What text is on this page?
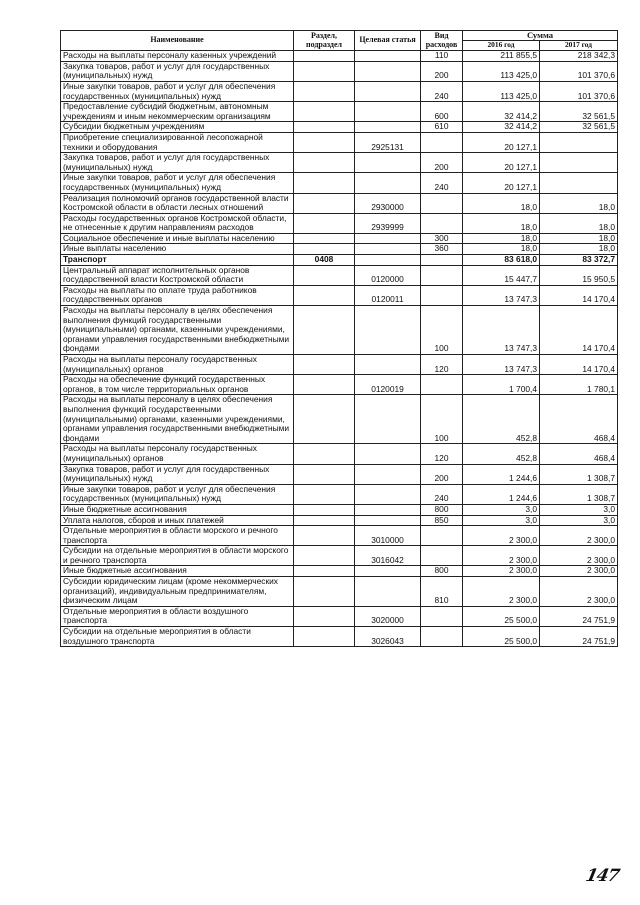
Наименование	Раздел, подраздел	Целевая статья	Вид расходов	Сумма	
				2016 год	2017 год
Расходы на выплаты персоналу казенных учреждений			110	211 855,5	218 342,3
Закупка товаров, работ и услуг для государственных (муниципальных) нужд			200	113 425,0	101 370,6
Иные закупки товаров, работ и услуг для обеспечения государственных (муниципальных) нужд			240	113 425,0	101 370,6
Предоставление субсидий бюджетным, автономным учреждениям и иным некоммерческим организациям			600	32 414,2	32 561,5
Субсидии бюджетным учреждениям			610	32 414,2	32 561,5
Приобретение специализированной лесопожарной техники и оборудования		2925131		20 127,1	
Закупка товаров, работ и услуг для государственных (муниципальных) нужд			200	20 127,1	
Иные закупки товаров, работ и услуг для обеспечения государственных (муниципальных) нужд			240	20 127,1	
Реализация полномочий органов государственной власти Костромской области в области лесных отношений		2930000		18,0	18,0
Расходы государственных органов Костромской области, не отнесенные к другим направлениям расходов		2939999		18,0	18,0
Социальное обеспечение и иные выплаты населению			300	18,0	18,0
Иные выплаты населению			360	18,0	18,0
Транспорт	0408			83 618,0	83 372,7
Центральный аппарат исполнительных органов государственной власти Костромской области		0120000		15 447,7	15 950,5
Расходы на выплаты по оплате труда работников государственных органов		0120011		13 747,3	14 170,4
Расходы на выплаты персоналу в целях обеспечения выполнения функций государственными (муниципальными) органами, казенными учреждениями, органами управления государственными внебюджетными фондами			100	13 747,3	14 170,4
Расходы на выплаты персоналу государственных (муниципальных) органов			120	13 747,3	14 170,4
Расходы на обеспечение функций государственных органов, в том числе территориальных органов		0120019		1 700,4	1 780,1
Расходы на выплаты персоналу в целях обеспечения выполнения функций государственными (муниципальными) органами, казенными учреждениями, органами управления государственными внебюджетными фондами			100	452,8	468,4
Расходы на выплаты персоналу государственных (муниципальных) органов			120	452,8	468,4
Закупка товаров, работ и услуг для государственных (муниципальных) нужд			200	1 244,6	1 308,7
Иные закупки товаров, работ и услуг для обеспечения государственных (муниципальных) нужд			240	1 244,6	1 308,7
Иные бюджетные ассигнования			800	3,0	3,0
Уплата налогов, сборов и иных платежей			850	3,0	3,0
Отдельные мероприятия в области морского и речного транспорта		3010000		2 300,0	2 300,0
Субсидии на отдельные мероприятия в области морского и речного транспорта		3016042		2 300,0	2 300,0
Иные бюджетные ассигнования			800	2 300,0	2 300,0
Субсидии юридическим лицам (кроме некоммерческих организаций), индивидуальным предпринимателям, физическим лицам			810	2 300,0	2 300,0
Отдельные мероприятия в области воздушного транспорта		3020000		25 500,0	24 751,9
Субсидии на отдельные мероприятия в области воздушного транспорта		3026043		25 500,0	24 751,9
147
